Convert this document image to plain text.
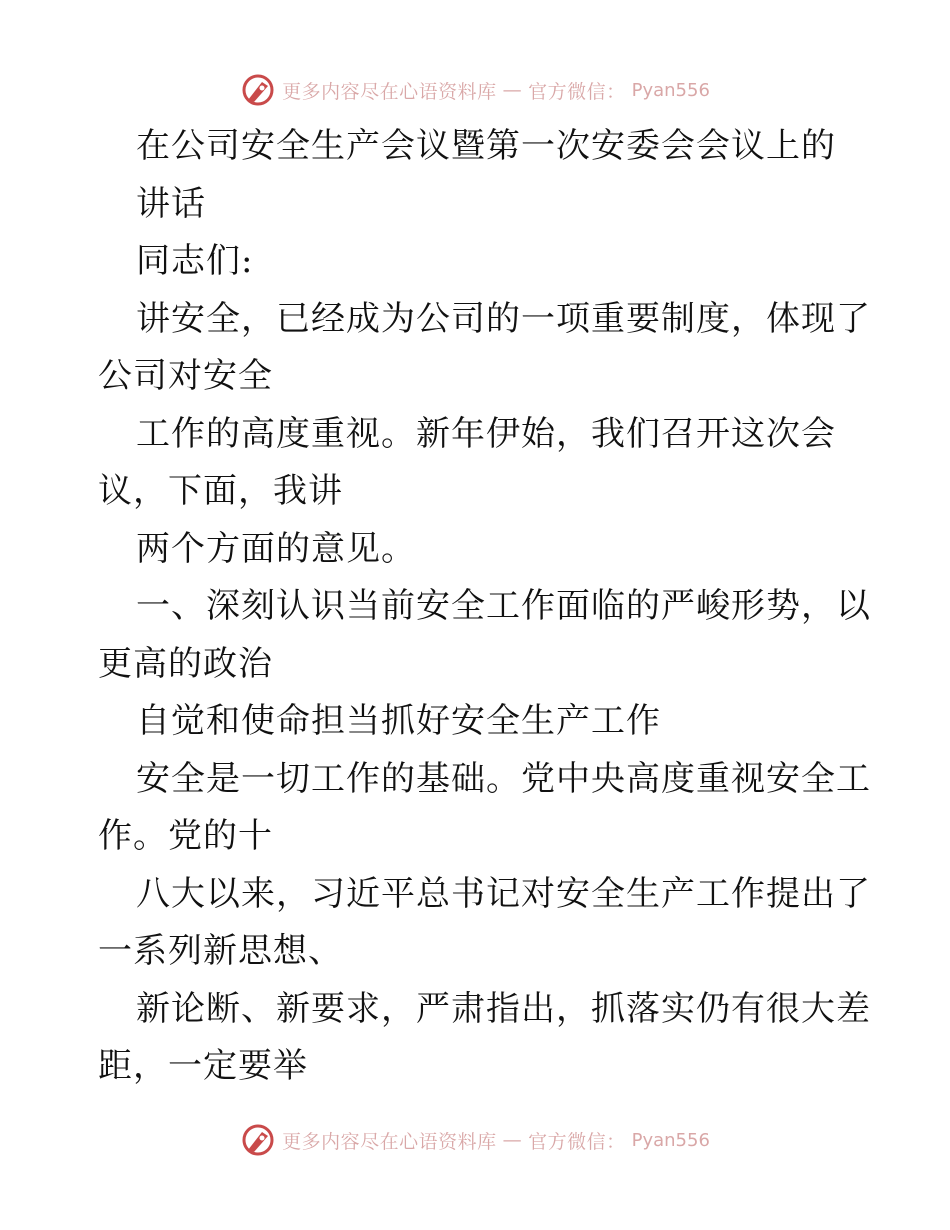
更多内容尽在心语资料库 — 官方微信： Pyan556
在公司安全生产会议暨第一次安委会会议上的
讲话
同志们:
讲安全，已经成为公司的一项重要制度，体现了
公司对安全
工作的高度重视。新年伊始，我们召开这次会
议，下面，我讲
两个方面的意见。
一、深刻认识当前安全工作面临的严峻形势，以
更高的政治
自觉和使命担当抓好安全生产工作
安全是一切工作的基础。党中央高度重视安全工
作。党的十
八大以来，习近平总书记对安全生产工作提出了
一系列新思想、
新论断、新要求，严肃指出，抓落实仍有很大差
距，一定要举
更多内容尽在心语资料库 — 官方微信： Pyan556
